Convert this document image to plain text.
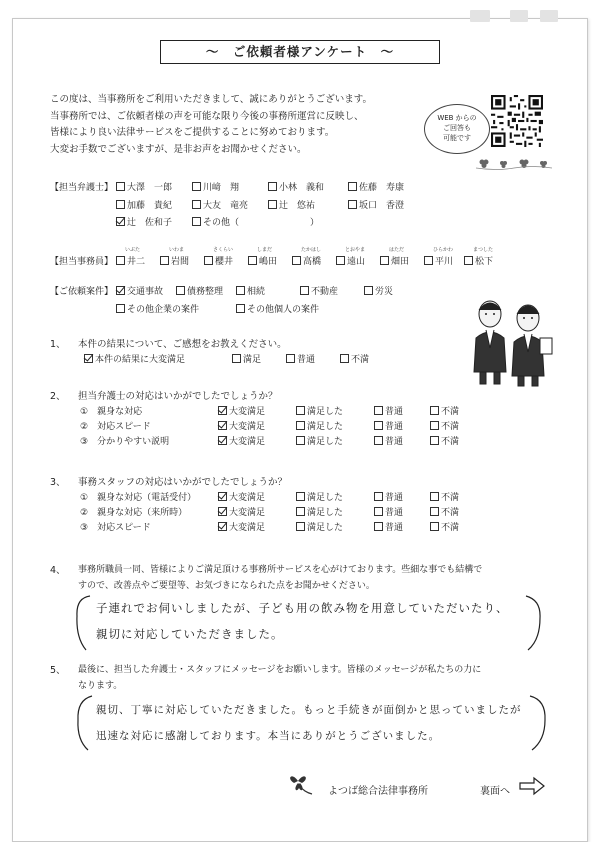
〜　ご依頼者様アンケート　〜
この度は、当事務所をご利用いただきまして、誠にありがとうございます。
当事務所では、ご依頼者様の声を可能な限り今後の事務所運営に反映し、
皆様により良い法律サービスをご提供することに努めております。
大変お手数でございますが、是非お声をお聞かせください。
WEB からの
ご回答も
可能です
【担当弁護士】
【担当事務員】
【ご依頼案件】
1、 本件の結果について、ご感想をお教えください。
2、 担当弁護士の対応はいかがでしたでしょうか？
3、 事務スタッフの対応はいかがでしたでしょうか？
4、 事務所職員一同、皆様によりご満足頂ける事務所サービスを心がけております。些細な事でも結構で
すので、改善点やご要望等、お気づきになられた点をお聞かせください。
子連れでお伺いしましたが、子ども用の飲み物を用意していただいたり、
親切に対応していただきました。
5、 最後に、担当した弁護士・スタッフにメッセージをお願いします。皆様のメッセージが私たちの力に
なります。
親切、丁寧に対応していただきました。もっと手続きが面倒かと思っていましたが
迅速な対応に感謝しております。本当にありがとうございました。
よつば総合法律事務所	裏面へ
大澤　一郎	川﨑　翔	小林　義和	佐藤　寿康
加藤　貴紀	大友　竜亮	辻　悠祐	坂口　香澄
辻　佐和子	その他（	）
井二
いぶた
岩間
いわま
櫻井
さくらい
嶋田
しまだ
高橋
たかはし
遠山
とおやま
畑田
はただ
平川
ひらかわ
松下
まつした
交通事故	債務整理	相続	不動産	労災
その他企業の案件	その他個人の案件
本件の結果に大変満足	満足	普通	不満
①　親身な対応	大変満足	満足した	普通	不満
②　対応スピード	大変満足	満足した	普通	不満
③　分かりやすい説明	大変満足	満足した	普通	不満
①　親身な対応（電話受付）	大変満足	満足した	普通	不満
②　親身な対応（来所時）	大変満足	満足した	普通	不満
③　対応スピード	大変満足	満足した	普通	不満
